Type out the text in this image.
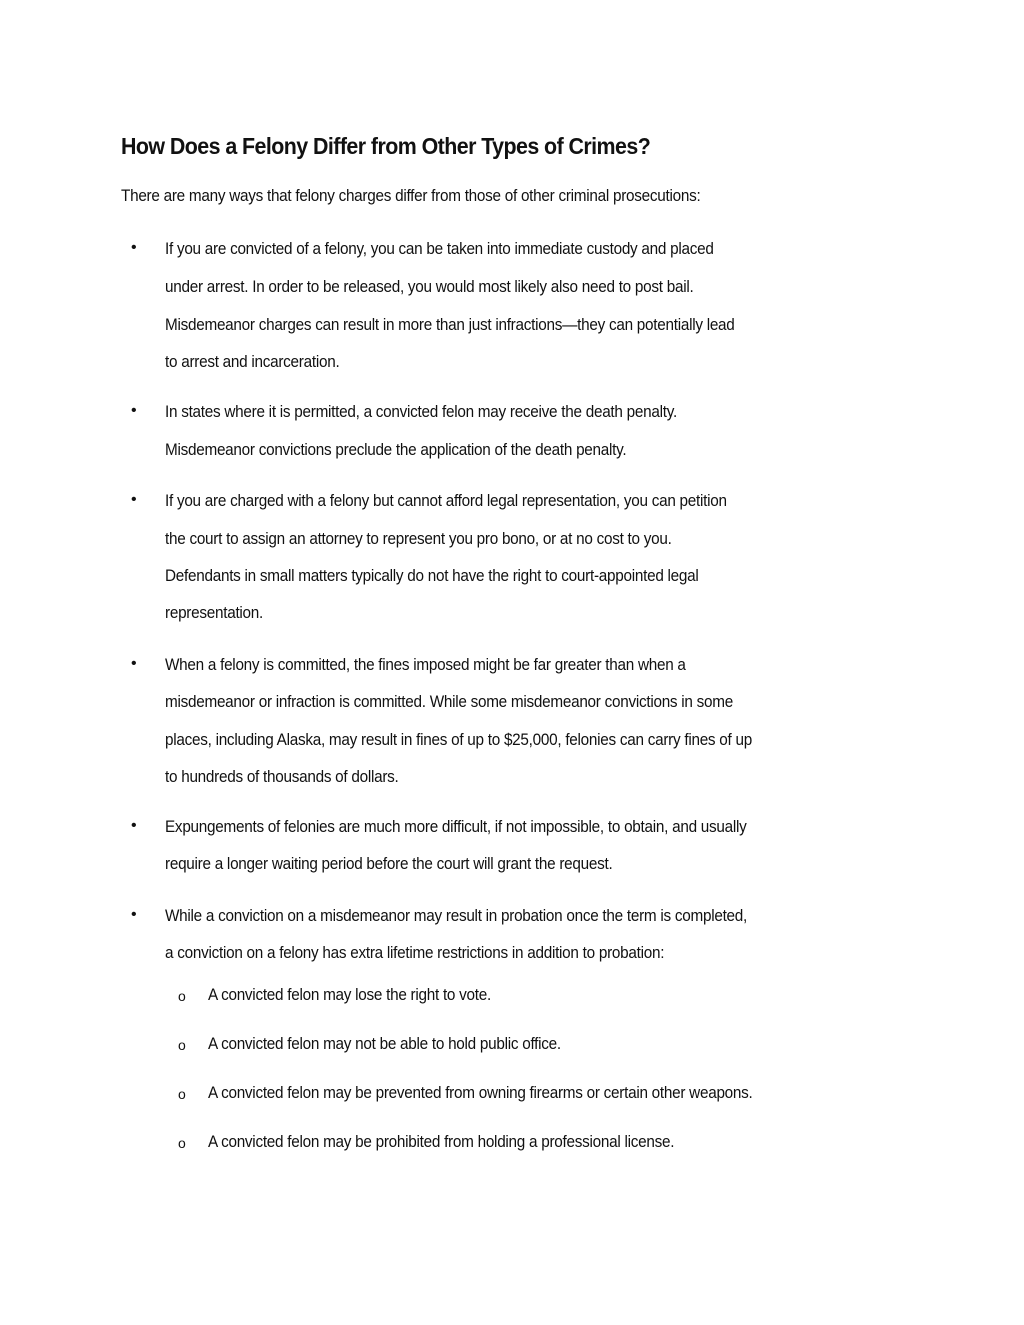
How Does a Felony Differ from Other Types of Crimes?
There are many ways that felony charges differ from those of other criminal prosecutions:
• If you are convicted of a felony, you can be taken into immediate custody and placed
under arrest. In order to be released, you would most likely also need to post bail.
Misdemeanor charges can result in more than just infractions—they can potentially lead
to arrest and incarceration.
• In states where it is permitted, a convicted felon may receive the death penalty.
Misdemeanor convictions preclude the application of the death penalty.
• If you are charged with a felony but cannot afford legal representation, you can petition
the court to assign an attorney to represent you pro bono, or at no cost to you.
Defendants in small matters typically do not have the right to court-appointed legal
representation.
• When a felony is committed, the fines imposed might be far greater than when a
misdemeanor or infraction is committed. While some misdemeanor convictions in some
places, including Alaska, may result in fines of up to $25,000, felonies can carry fines of up
to hundreds of thousands of dollars.
• Expungements of felonies are much more difficult, if not impossible, to obtain, and usually
require a longer waiting period before the court will grant the request.
• While a conviction on a misdemeanor may result in probation once the term is completed,
a conviction on a felony has extra lifetime restrictions in addition to probation:
o A convicted felon may lose the right to vote.
o A convicted felon may not be able to hold public office.
o A convicted felon may be prevented from owning firearms or certain other weapons.
o A convicted felon may be prohibited from holding a professional license.
